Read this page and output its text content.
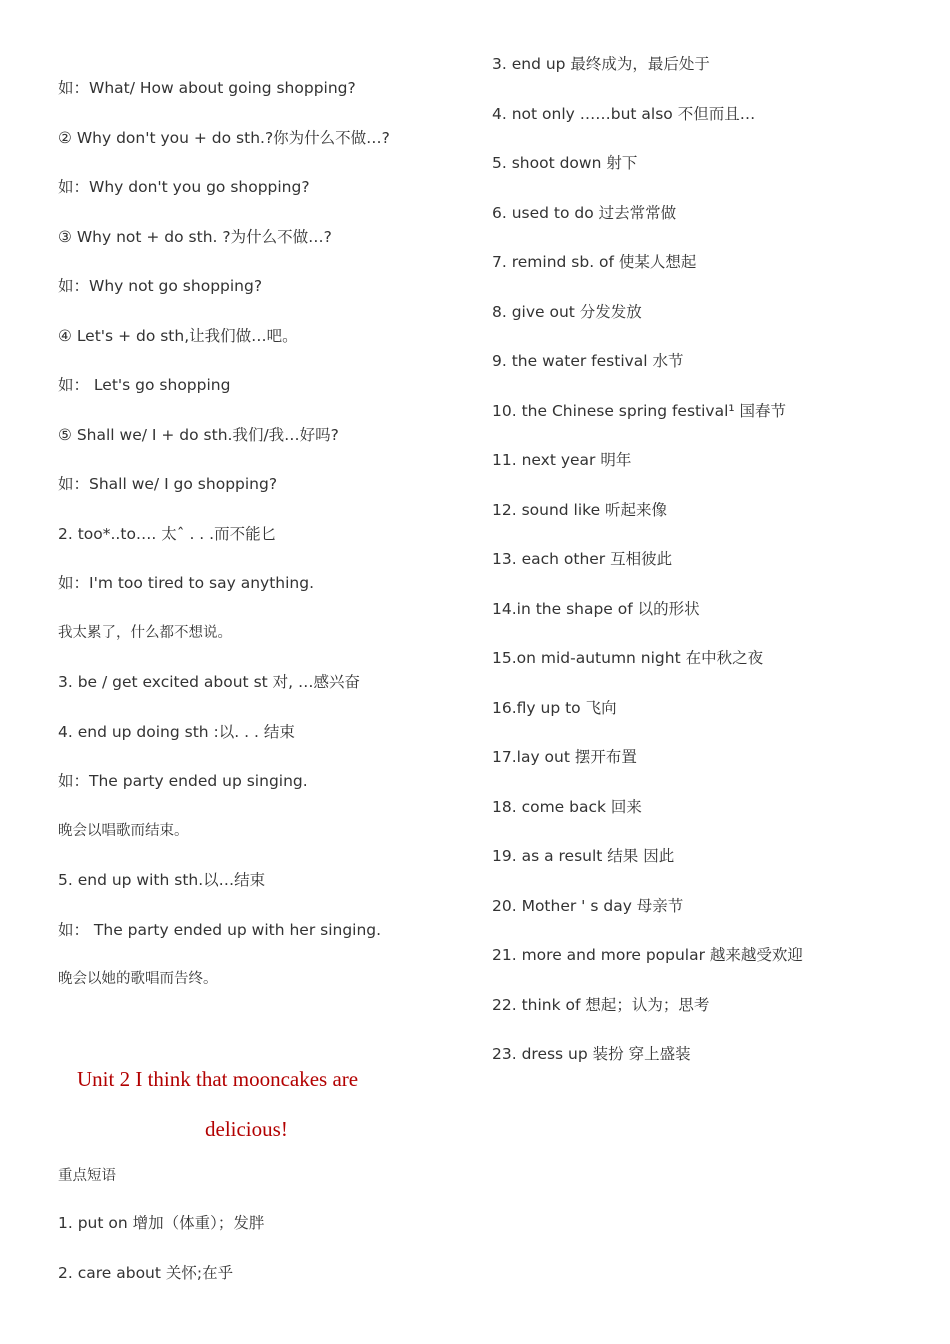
如：What/ How about going shopping?
② Why don't you + do sth.?你为什么不做…?
如：Why don't you go shopping?
③ Why not + do sth. ?为什么不做…?
如：Why not go shopping?
④ Let's + do sth,让我们做…吧。
如： Let's go shopping
⑤ Shall we/ I + do sth.我们/我…好吗?
如：Shall we/ I go shopping?
2. too*..to…. 太ˆ . . .而不能匕
如：I'm too tired to say anything.
我太累了，什么都不想说。
3. be / get excited about st 对, …感兴奋
4. end up doing sth :以. . . 结束
如：The party ended up singing.
晚会以唱歌而结束。
5. end up with sth.以…结束
如： The party ended up with her singing.
晚会以她的歌唱而告终。
Unit 2 I think that mooncakes are
delicious!
重点短语
1. put on 增加（体重）；发胖
2. care about 关怀;在乎
3. end up 最终成为，最后处于
4. not only ……but also 不但而且…
5. shoot down 射下
6. used to do 过去常常做
7. remind sb. of 使某人想起
8. give out 分发发放
9. the water festival 水节
10. the Chinese spring festival¹ 国春节
11. next year 明年
12. sound like 听起来像
13. each other 互相彼此
14.in the shape of 以的形状
15.on mid-autumn night 在中秋之夜
16.fly up to 飞向
17.lay out 摆开布置
18. come back 回来
19. as a result 结果 因此
20. Mother ' s day 母亲节
21. more and more popular 越来越受欢迎
22. think of 想起；认为；思考
23. dress up 装扮 穿上盛装
